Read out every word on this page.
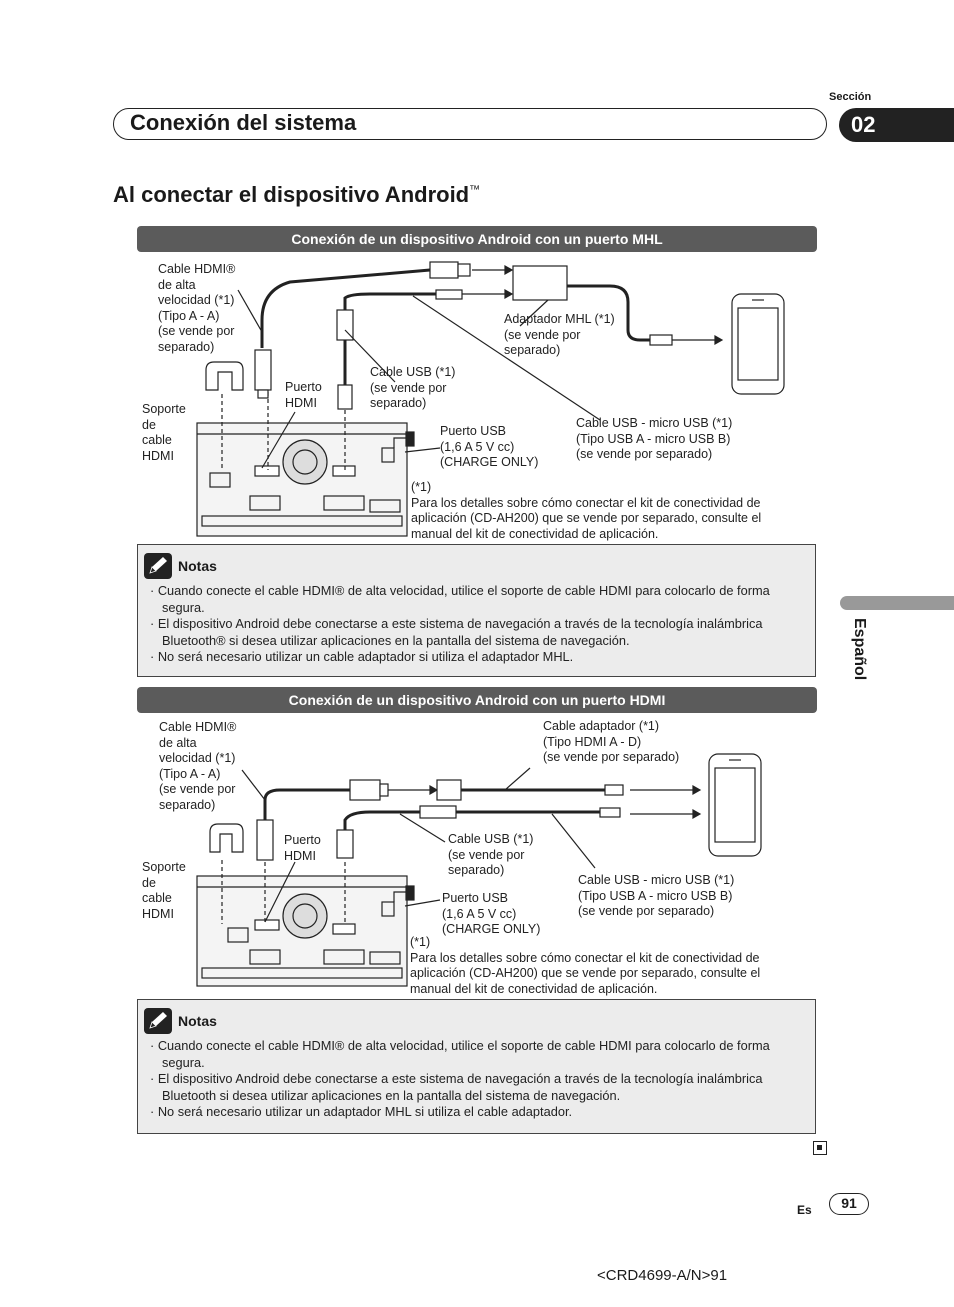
Sección
Conexión del sistema	02
Al conectar el dispositivo Android™
Conexión de un dispositivo Android con un puerto MHL
Cable HDMI®
de alta
velocidad (*1)
(Tipo A - A)
(se vende por
separado)
Soporte
de
cable
HDMI
Puerto
HDMI
Cable USB (*1)
(se vende por
separado)
Adaptador MHL (*1)
(se vende por
separado)
Puerto USB
(1,6 A 5 V cc)
(CHARGE ONLY)
Cable USB - micro USB (*1)
(Tipo USB A - micro USB B)
(se vende por separado)
(*1)
Para los detalles sobre cómo conectar el kit de conectividad de
aplicación (CD-AH200) que se vende por separado, consulte el
manual del kit de conectividad de aplicación.
Notas
· Cuando conecte el cable HDMI® de alta velocidad, utilice el soporte de cable HDMI para colocarlo de forma segura.
· El dispositivo Android debe conectarse a este sistema de navegación a través de la tecnología inalámbrica Bluetooth® si desea utilizar aplicaciones en la pantalla del sistema de navegación.
· No será necesario utilizar un cable adaptador si utiliza el adaptador MHL.
Conexión de un dispositivo Android con un puerto HDMI
Cable HDMI®
de alta
velocidad (*1)
(Tipo A - A)
(se vende por
separado)
Soporte
de
cable
HDMI
Puerto
HDMI
Cable adaptador (*1)
(Tipo HDMI A - D)
(se vende por separado)
Cable USB (*1)
(se vende por
separado)
Puerto USB
(1,6 A 5 V cc)
(CHARGE ONLY)
Cable USB - micro USB (*1)
(Tipo USB A - micro USB B)
(se vende por separado)
(*1)
Para los detalles sobre cómo conectar el kit de conectividad de
aplicación (CD-AH200) que se vende por separado, consulte el
manual del kit de conectividad de aplicación.
Notas
· Cuando conecte el cable HDMI® de alta velocidad, utilice el soporte de cable HDMI para colocarlo de forma segura.
· El dispositivo Android debe conectarse a este sistema de navegación a través de la tecnología inalámbrica Bluetooth si desea utilizar aplicaciones en la pantalla del sistema de navegación.
· No será necesario utilizar un adaptador MHL si utiliza el cable adaptador.
Español
Es	91
<CRD4699-A/N>91
